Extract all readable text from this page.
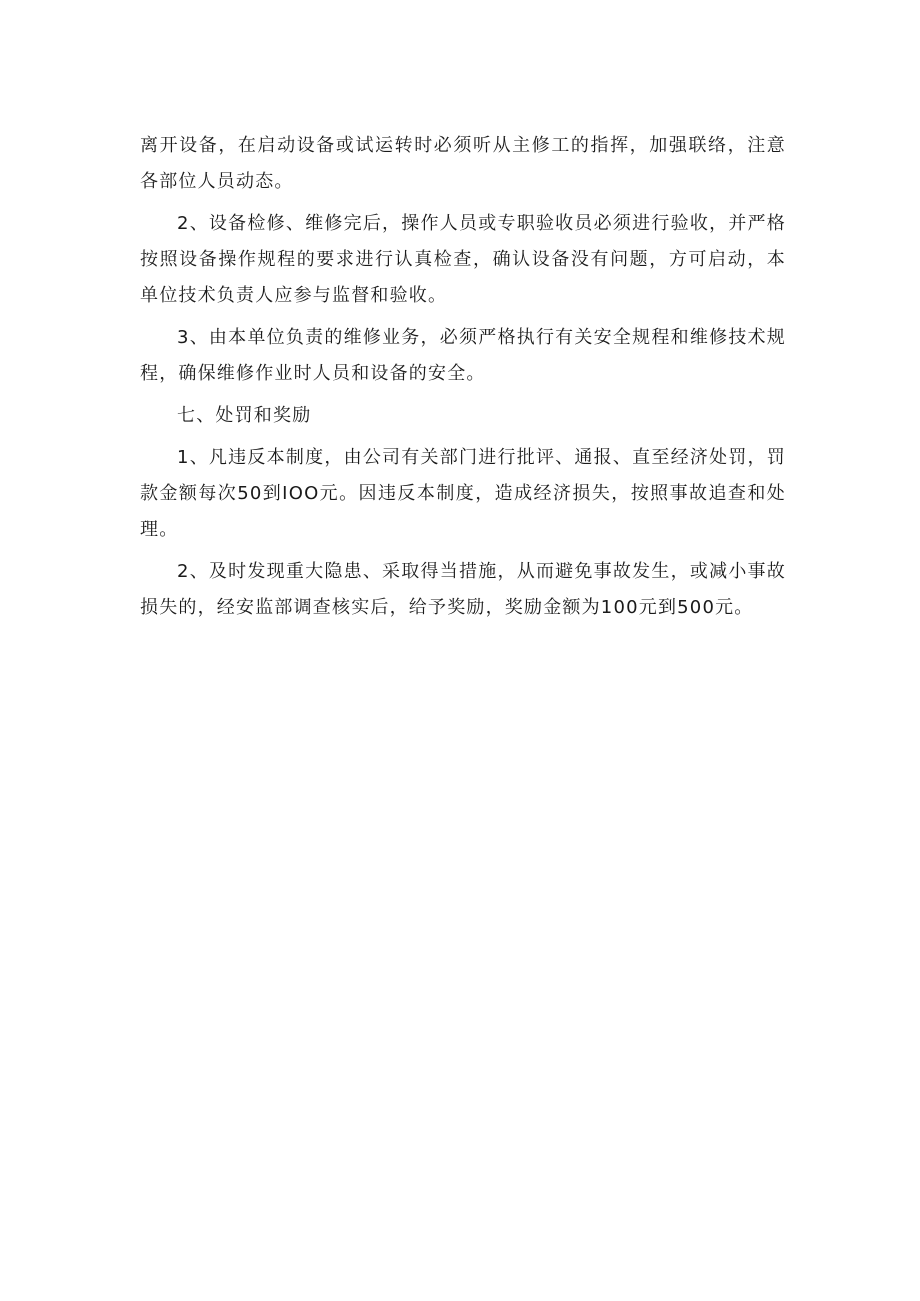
离开设备，在启动设备或试运转时必须听从主修工的指挥，加强联络，注意各部位人员动态。

2、设备检修、维修完后，操作人员或专职验收员必须进行验收，并严格按照设备操作规程的要求进行认真检查，确认设备没有问题，方可启动，本单位技术负责人应参与监督和验收。

3、由本单位负责的维修业务，必须严格执行有关安全规程和维修技术规程，确保维修作业时人员和设备的安全。

七、处罚和奖励

1、凡违反本制度，由公司有关部门进行批评、通报、直至经济处罚，罚款金额每次50到IOO元。因违反本制度，造成经济损失，按照事故追查和处理。

2、及时发现重大隐患、采取得当措施，从而避免事故发生，或减小事故损失的，经安监部调查核实后，给予奖励，奖励金额为100元到500元。
